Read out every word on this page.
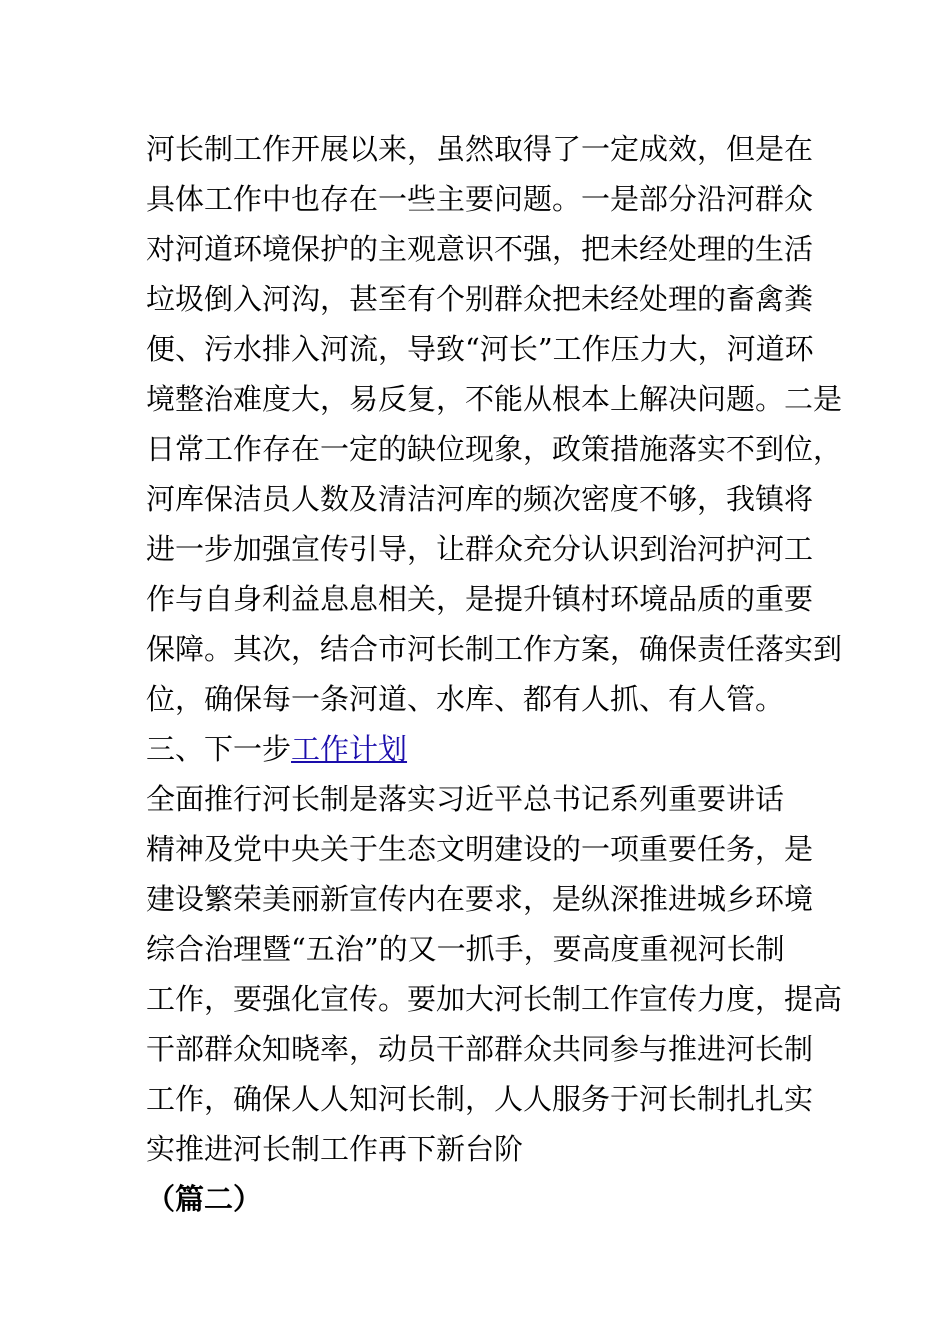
河长制工作开展以来，虽然取得了一定成效，但是在
具体工作中也存在一些主要问题。一是部分沿河群众
对河道环境保护的主观意识不强，把未经处理的生活
垃圾倒入河沟，甚至有个别群众把未经处理的畜禽粪
便、污水排入河流，导致“河长”工作压力大，河道环
境整治难度大，易反复，不能从根本上解决问题。二是
日常工作存在一定的缺位现象，政策措施落实不到位，
河库保洁员人数及清洁河库的频次密度不够，我镇将
进一步加强宣传引导，让群众充分认识到治河护河工
作与自身利益息息相关，是提升镇村环境品质的重要
保障。其次，结合市河长制工作方案，确保责任落实到
位，确保每一条河道、水库、都有人抓、有人管。
三、下一步工作计划
全面推行河长制是落实习近平总书记系列重要讲话
精神及党中央关于生态文明建设的一项重要任务，是
建设繁荣美丽新宣传内在要求，是纵深推进城乡环境
综合治理暨“五治”的又一抓手，要高度重视河长制
工作，要强化宣传。要加大河长制工作宣传力度，提高
干部群众知晓率，动员干部群众共同参与推进河长制
工作，确保人人知河长制，人人服务于河长制扎扎实
实推进河长制工作再下新台阶
（篇二）
